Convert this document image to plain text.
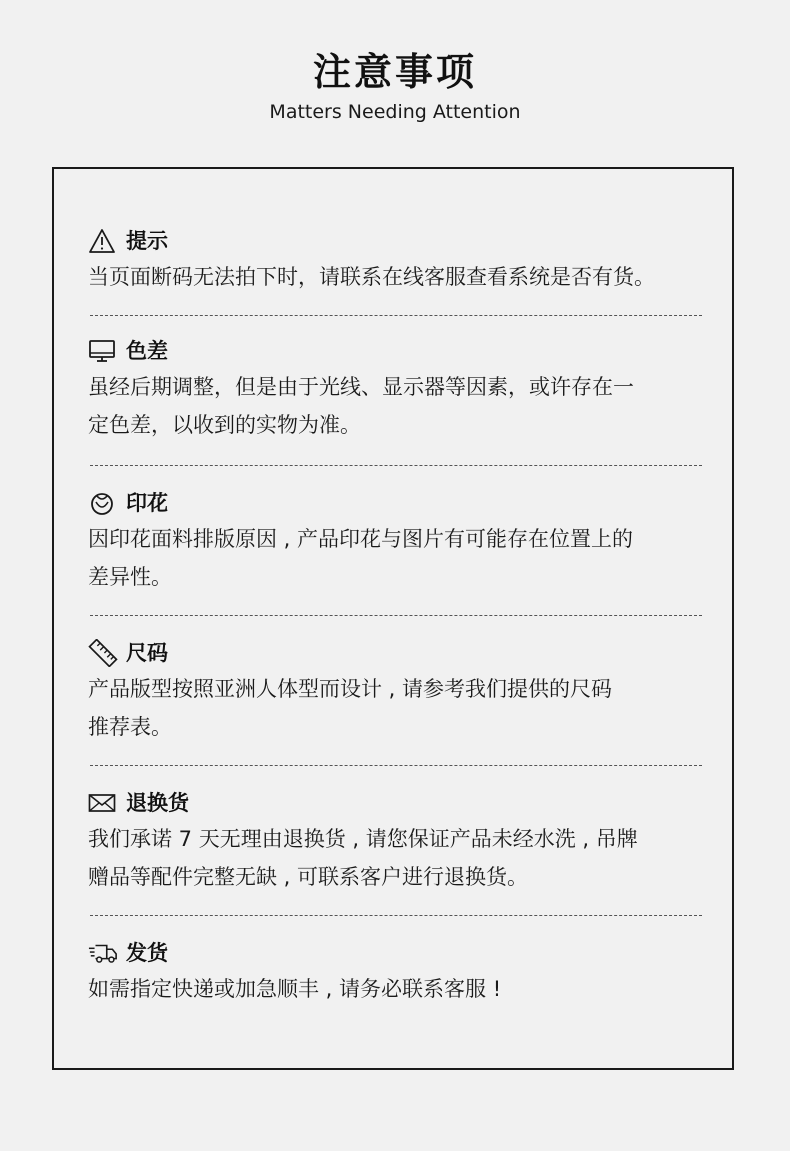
注意事项
Matters Needing Attention
提示
当页面断码无法拍下时，请联系在线客服查看系统是否有货。
色差
虽经后期调整，但是由于光线、显示器等因素，或许存在一
定色差，以收到的实物为准。
印花
因印花面料排版原因 , 产品印花与图片有可能存在位置上的
差异性。
尺码
产品版型按照亚洲人体型而设计 , 请参考我们提供的尺码
推荐表。
退换货
我们承诺 7 天无理由退换货 , 请您保证产品未经水洗 , 吊牌
赠品等配件完整无缺 , 可联系客户进行退换货。
发货
如需指定快递或加急顺丰 , 请务必联系客服 !
